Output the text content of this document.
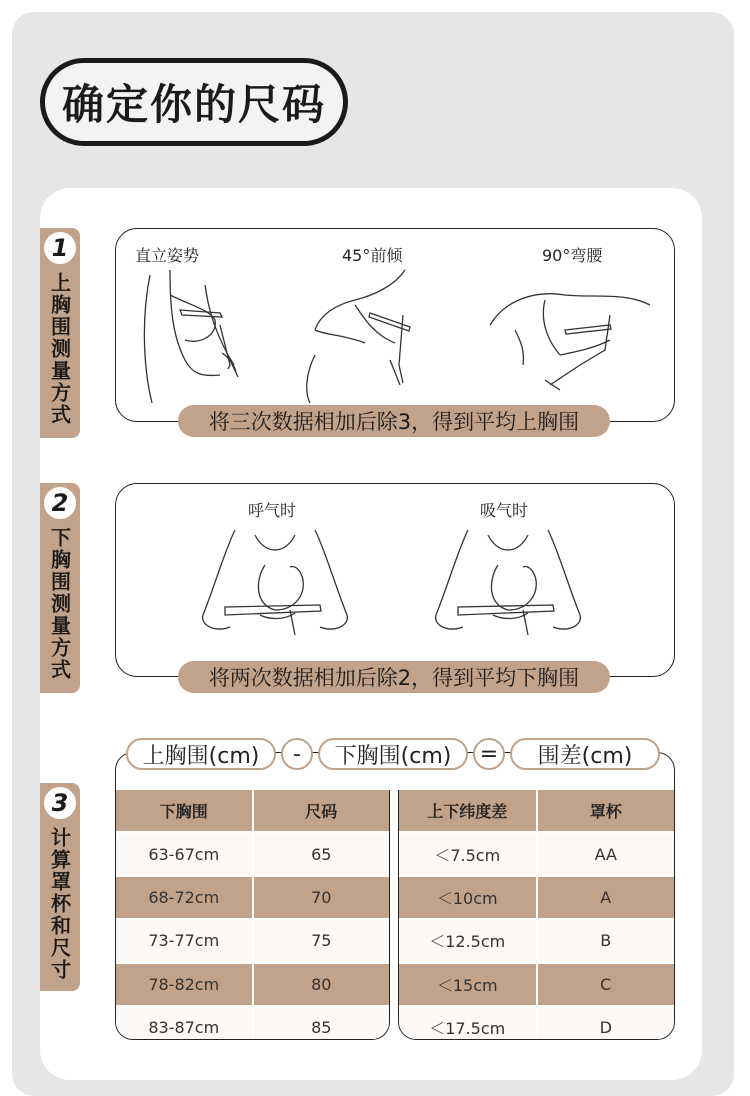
确定你的尺码
1
上胸围测量方式
直立姿势	45°前倾	90°弯腰
将三次数据相加后除3，得到平均上胸围
2
下胸围测量方式
呼气时	吸气时
将两次数据相加后除2，得到平均下胸围
3
计算罩杯和尺寸
上胸围(cm)	-	下胸围(cm)	=	围差(cm)
下胸围	尺码
63-67cm	65
68-72cm	70
73-77cm	75
78-82cm	80
83-87cm	85
上下纬度差	罩杯
＜7.5cm	AA
＜10cm	A
＜12.5cm	B
＜15cm	C
＜17.5cm	D
